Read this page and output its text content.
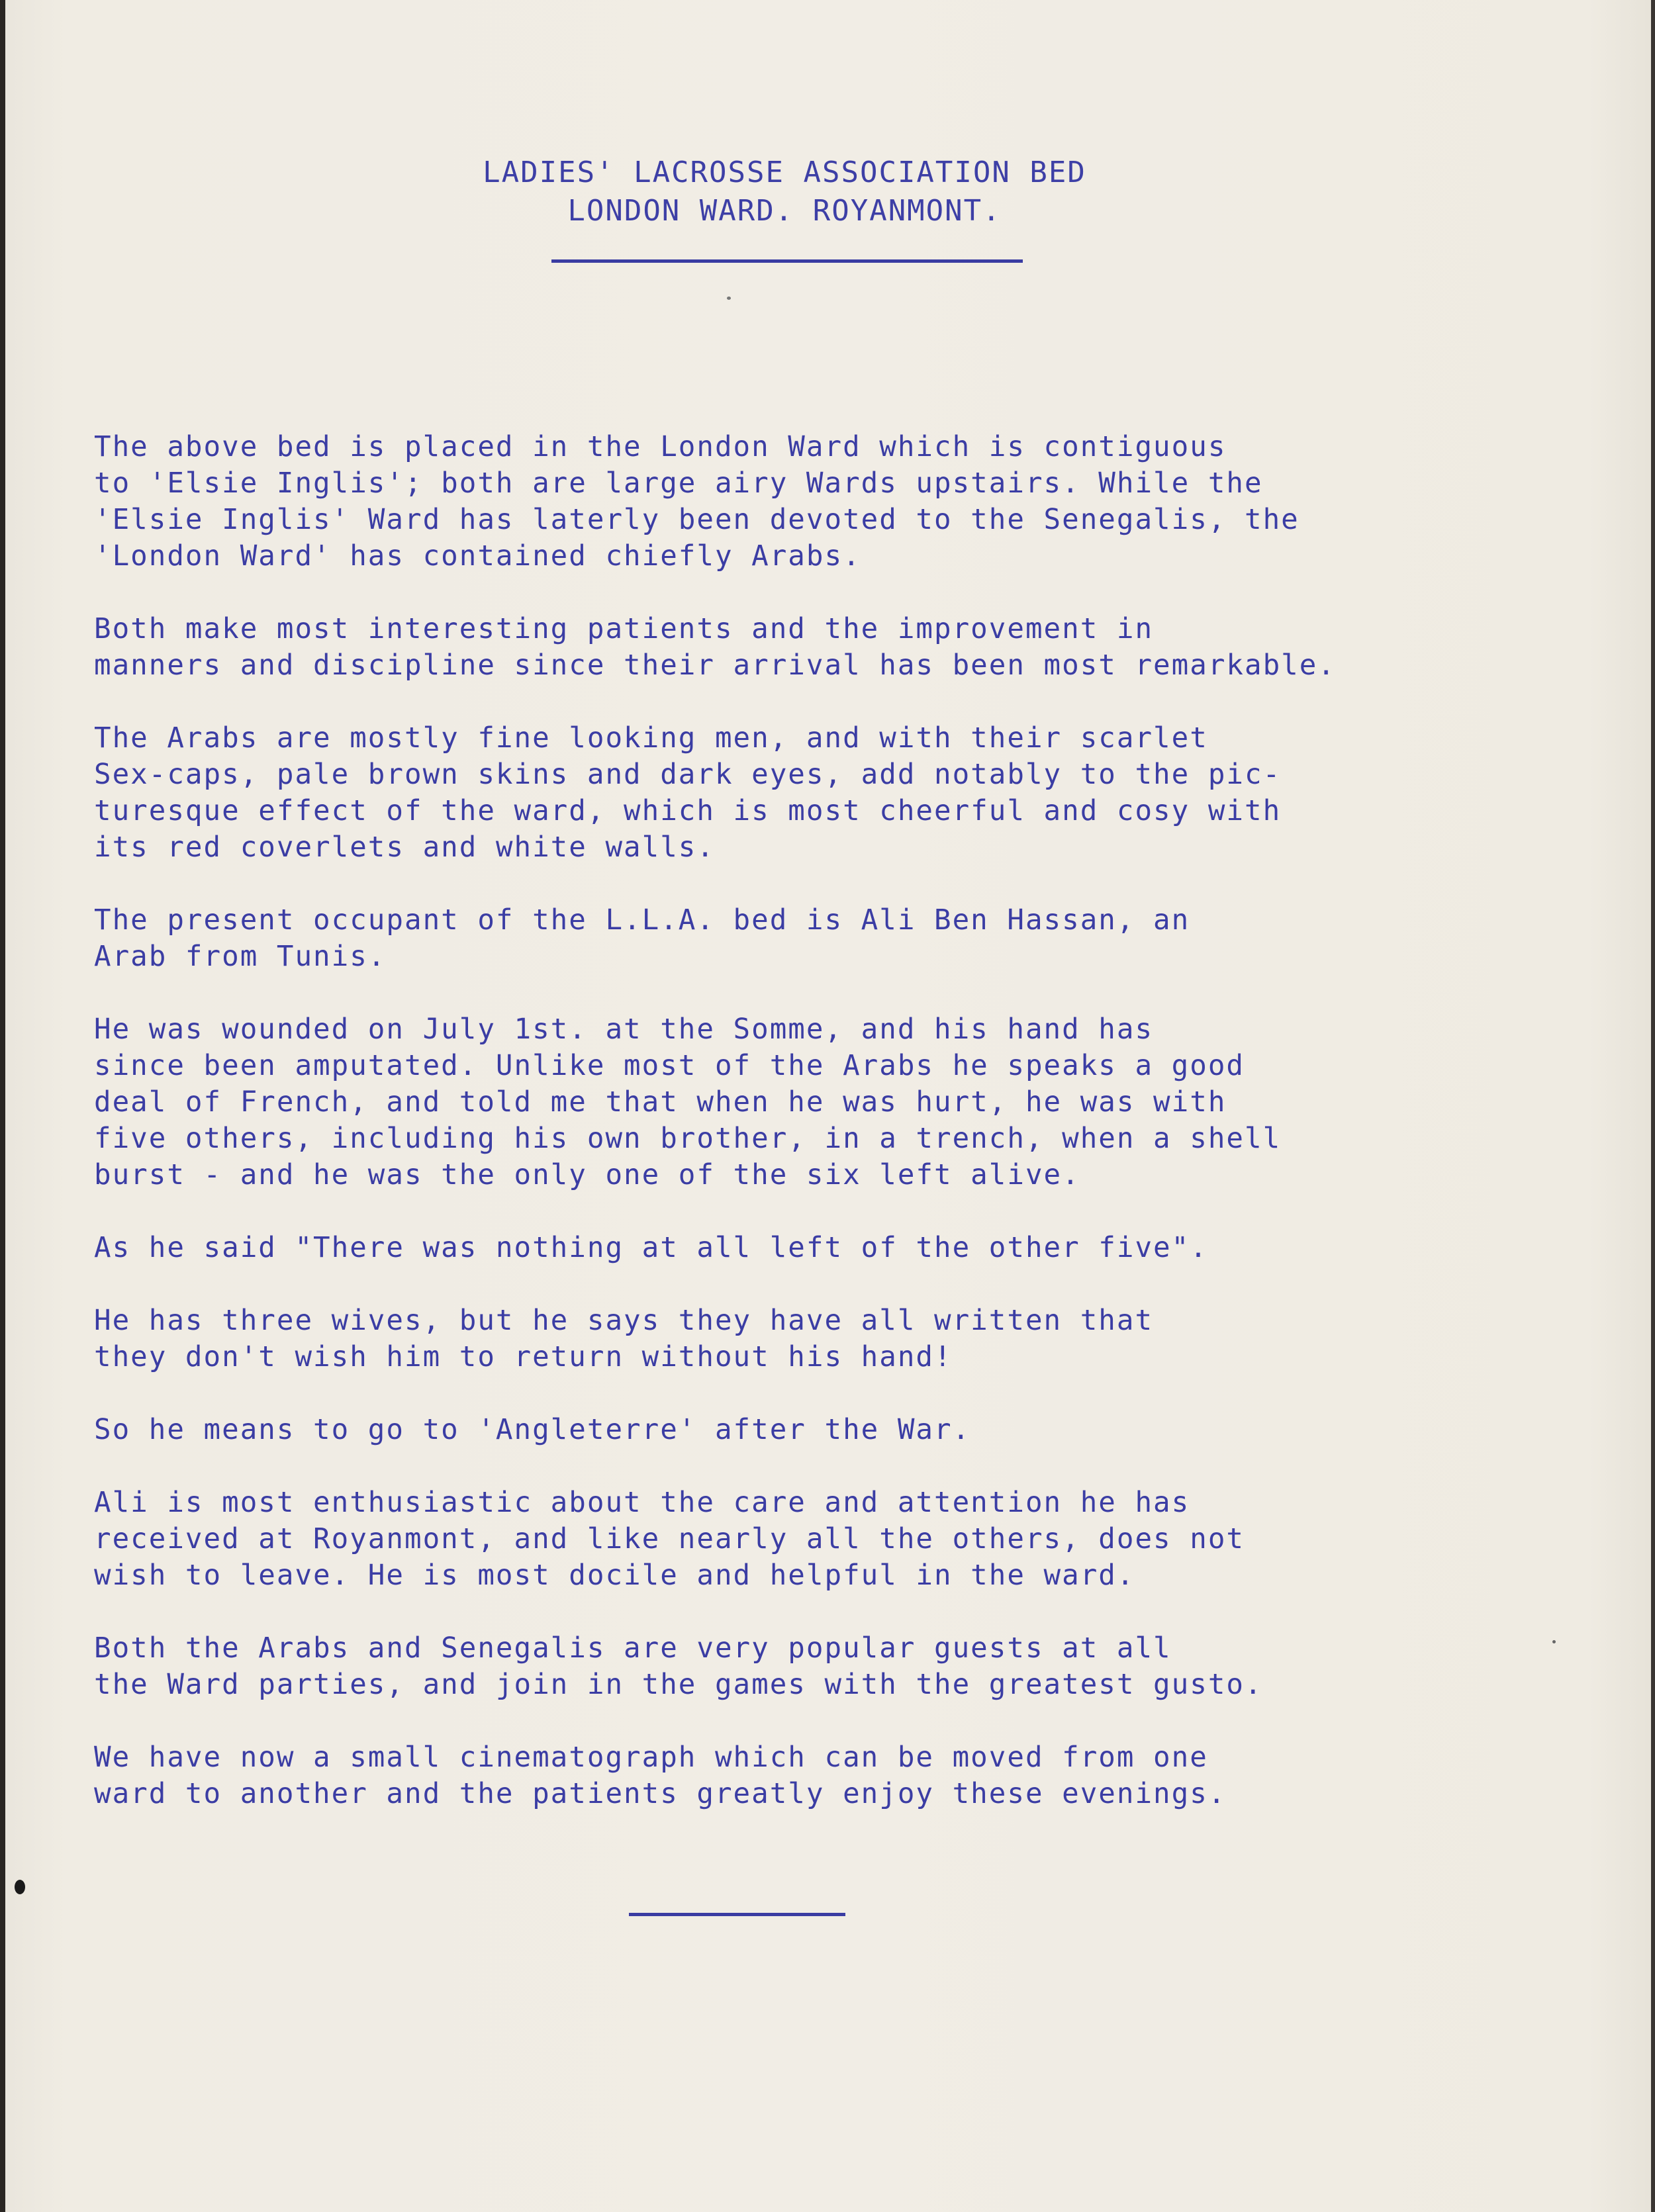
LADIES' LACROSSE ASSOCIATION BED
LONDON WARD. ROYANMONT.

The above bed is placed in the London Ward which is contiguous
to 'Elsie Inglis'; both are large airy Wards upstairs. While the
'Elsie Inglis' Ward has laterly been devoted to the Senegalis, the
'London Ward' has contained chiefly Arabs.

Both make most interesting patients and the improvement in
manners and discipline since their arrival has been most remarkable.

The Arabs are mostly fine looking men, and with their scarlet
Sex-caps, pale brown skins and dark eyes, add notably to the pic-
turesque effect of the ward, which is most cheerful and cosy with
its red coverlets and white walls.

The present occupant of the L.L.A. bed is Ali Ben Hassan, an
Arab from Tunis.

He was wounded on July 1st. at the Somme, and his hand has
since been amputated. Unlike most of the Arabs he speaks a good
deal of French, and told me that when he was hurt, he was with
five others, including his own brother, in a trench, when a shell
burst - and he was the only one of the six left alive.

As he said "There was nothing at all left of the other five".

He has three wives, but he says they have all written that
they don't wish him to return without his hand!

So he means to go to 'Angleterre' after the War.

Ali is most enthusiastic about the care and attention he has
received at Royanmont, and like nearly all the others, does not
wish to leave. He is most docile and helpful in the ward.

Both the Arabs and Senegalis are very popular guests at all
the Ward parties, and join in the games with the greatest gusto.

We have now a small cinematograph which can be moved from one
ward to another and the patients greatly enjoy these evenings.
